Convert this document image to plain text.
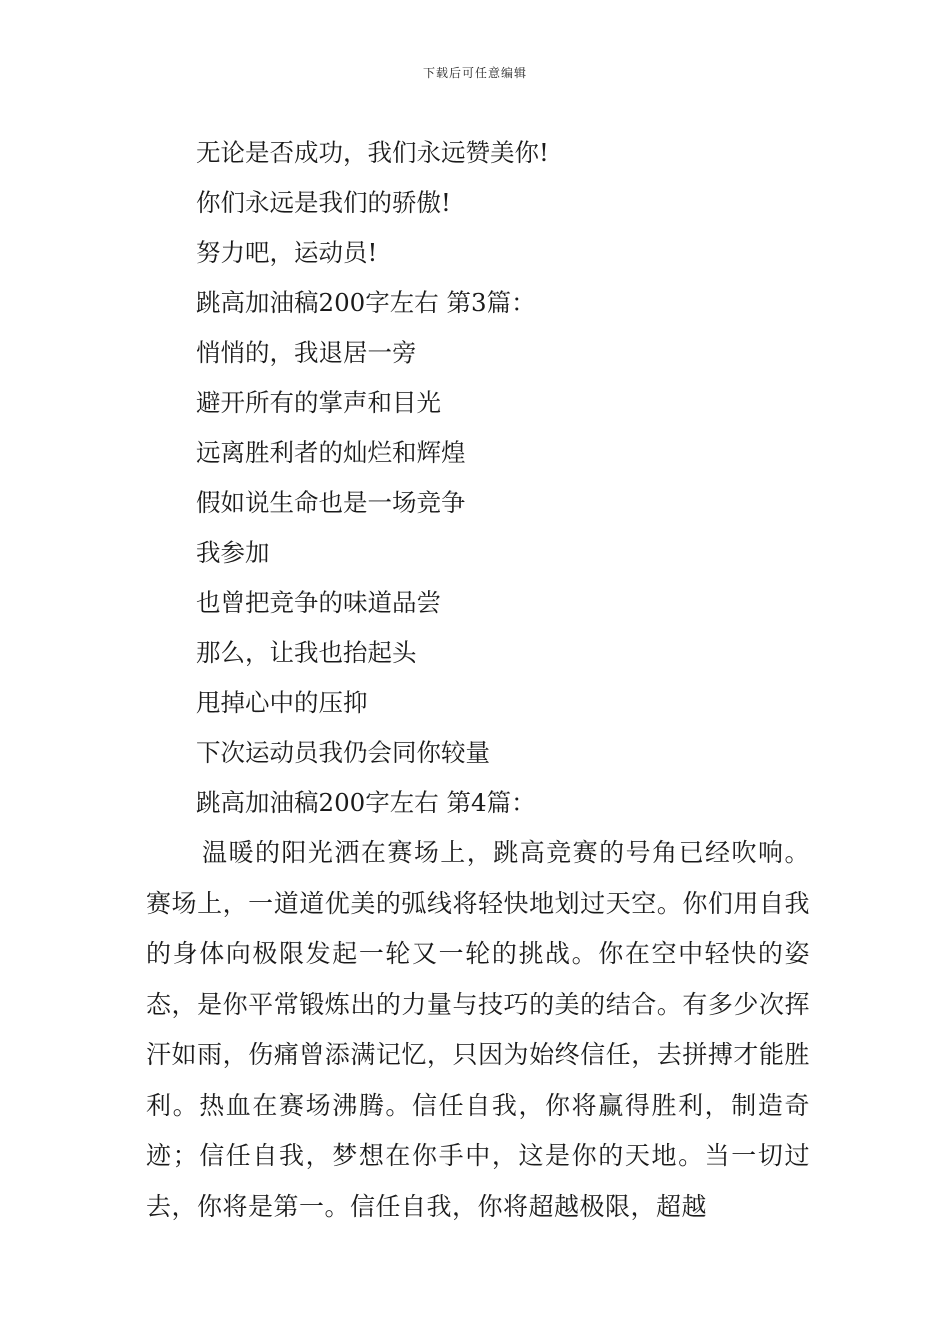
下载后可任意编辑
无论是否成功，我们永远赞美你!
你们永远是我们的骄傲!
努力吧，运动员!
跳高加油稿200字左右 第3篇：
悄悄的，我退居一旁
避开所有的掌声和目光
远离胜利者的灿烂和辉煌
假如说生命也是一场竞争
我参加
也曾把竞争的味道品尝
那么，让我也抬起头
甩掉心中的压抑
下次运动员我仍会同你较量
跳高加油稿200字左右 第4篇：

温暖的阳光洒在赛场上，跳高竞赛的号角已经吹响。赛场上，一道道优美的弧线将轻快地划过天空。你们用自我的身体向极限发起一轮又一轮的挑战。你在空中轻快的姿态，是你平常锻炼出的力量与技巧的美的结合。有多少次挥汗如雨，伤痛曾添满记忆，只因为始终信任，去拼搏才能胜利。热血在赛场沸腾。信任自我，你将赢得胜利，制造奇迹；信任自我，梦想在你手中，这是你的天地。当一切过去，你将是第一。信任自我，你将超越极限，超越
